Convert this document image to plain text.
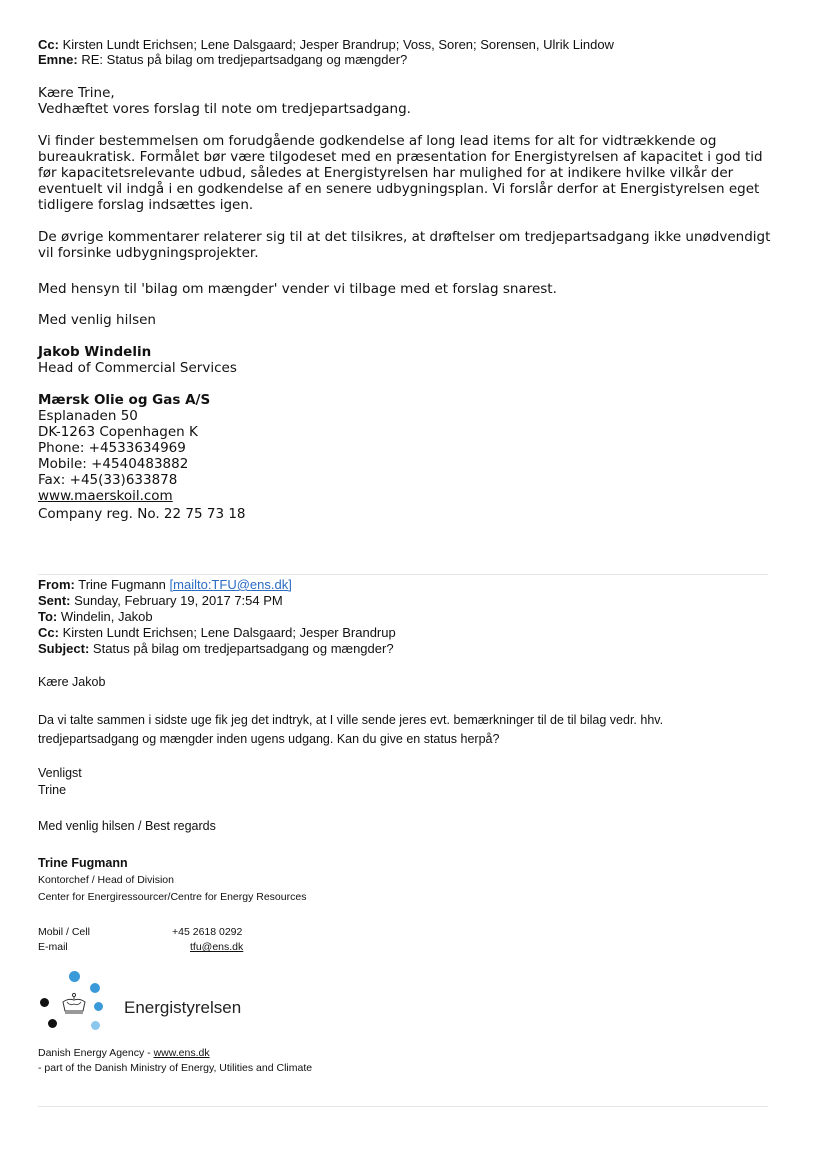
Cc: Kirsten Lundt Erichsen; Lene Dalsgaard; Jesper Brandrup; Voss, Soren; Sorensen, Ulrik Lindow
Emne: RE: Status på bilag om tredjepartsadgang og mængder?
Kære Trine,
Vedhæftet vores forslag til note om tredjepartsadgang.
Vi finder bestemmelsen om forudgående godkendelse af long lead items for alt for vidtrækkende og
bureaukratisk. Formålet bør være tilgodeset med en præsentation for Energistyrelsen af kapacitet i god tid
før kapacitetsrelevante udbud, således at Energistyrelsen har mulighed for at indikere hvilke vilkår der
eventuelt vil indgå i en godkendelse af en senere udbygningsplan. Vi forslår derfor at Energistyrelsen eget
tidligere forslag indsættes igen.
De øvrige kommentarer relaterer sig til at det tilsikres, at drøftelser om tredjepartsadgang ikke unødvendigt
vil forsinke udbygningsprojekter.
Med hensyn til 'bilag om mængder' vender vi tilbage med et forslag snarest.
Med venlig hilsen
Jakob Windelin
Head of Commercial Services
Mærsk Olie og Gas A/S
Esplanaden 50
DK-1263 Copenhagen K
Phone: +4533634969
Mobile: +4540483882
Fax: +45(33)633878
www.maerskoil.com
Company reg. No. 22 75 73 18
From: Trine Fugmann [mailto:TFU@ens.dk]
Sent: Sunday, February 19, 2017 7:54 PM
To: Windelin, Jakob
Cc: Kirsten Lundt Erichsen; Lene Dalsgaard; Jesper Brandrup
Subject: Status på bilag om tredjepartsadgang og mængder?
Kære Jakob
Da vi talte sammen i sidste uge fik jeg det indtryk, at I ville sende jeres evt. bemærkninger til de til bilag vedr. hhv.
tredjepartsadgang og mængder inden ugens udgang. Kan du give en status herpå?
Venligst
Trine
Med venlig hilsen / Best regards
Trine Fugmann
Kontorchef / Head of Division
Center for Energiressourcer/Centre for Energy Resources
Mobil / Cell	+45 2618 0292
E-mail	tfu@ens.dk
Energistyrelsen
Danish Energy Agency - www.ens.dk
- part of the Danish Ministry of Energy, Utilities and Climate
